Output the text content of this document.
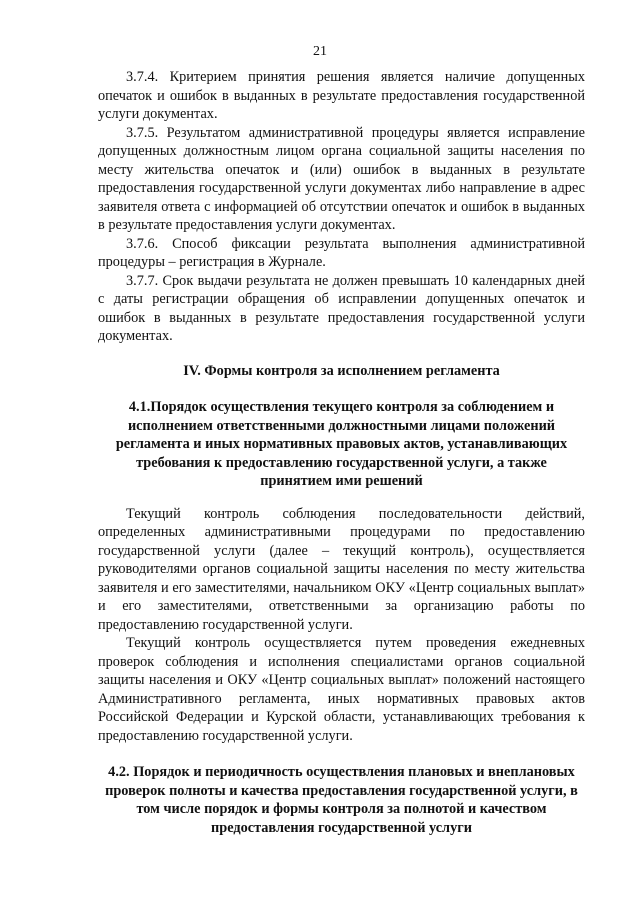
21

3.7.4. Критерием принятия решения является наличие допущенных опечаток и ошибок в выданных в результате предоставления государственной услуги документах.

3.7.5. Результатом административной процедуры является исправление допущенных должностным лицом органа социальной защиты населения по месту жительства опечаток и (или) ошибок в выданных в результате предоставления государственной услуги документах либо направление в адрес заявителя ответа с информацией об отсутствии опечаток и ошибок в выданных в результате предоставления услуги документах.

3.7.6. Способ фиксации результата выполнения административной процедуры – регистрация в Журнале.

3.7.7. Срок выдачи результата не должен превышать 10 календарных дней с даты регистрации обращения об исправлении допущенных опечаток и ошибок в выданных в результате предоставления государственной услуги документах.

IV. Формы контроля за исполнением регламента
4.1.Порядок осуществления текущего контроля за соблюдением и исполнением ответственными должностными лицами положений регламента и иных нормативных правовых актов, устанавливающих требования к предоставлению государственной услуги, а также принятием ими решений

Текущий контроль соблюдения последовательности действий, определенных административными процедурами по предоставлению государственной услуги (далее – текущий контроль), осуществляется руководителями органов социальной защиты населения по месту жительства заявителя и его заместителями, начальником ОКУ «Центр социальных выплат» и его заместителями, ответственными за организацию работы по предоставлению государственной услуги.

Текущий контроль осуществляется путем проведения ежедневных проверок соблюдения и исполнения специалистами органов социальной защиты населения и ОКУ «Центр социальных выплат» положений настоящего Административного регламента, иных нормативных правовых актов Российской Федерации и Курской области, устанавливающих требования к предоставлению государственной услуги.

4.2. Порядок и периодичность осуществления плановых и внеплановых проверок полноты и качества предоставления государственной услуги, в том числе порядок и формы контроля за полнотой и качеством предоставления государственной услуги
